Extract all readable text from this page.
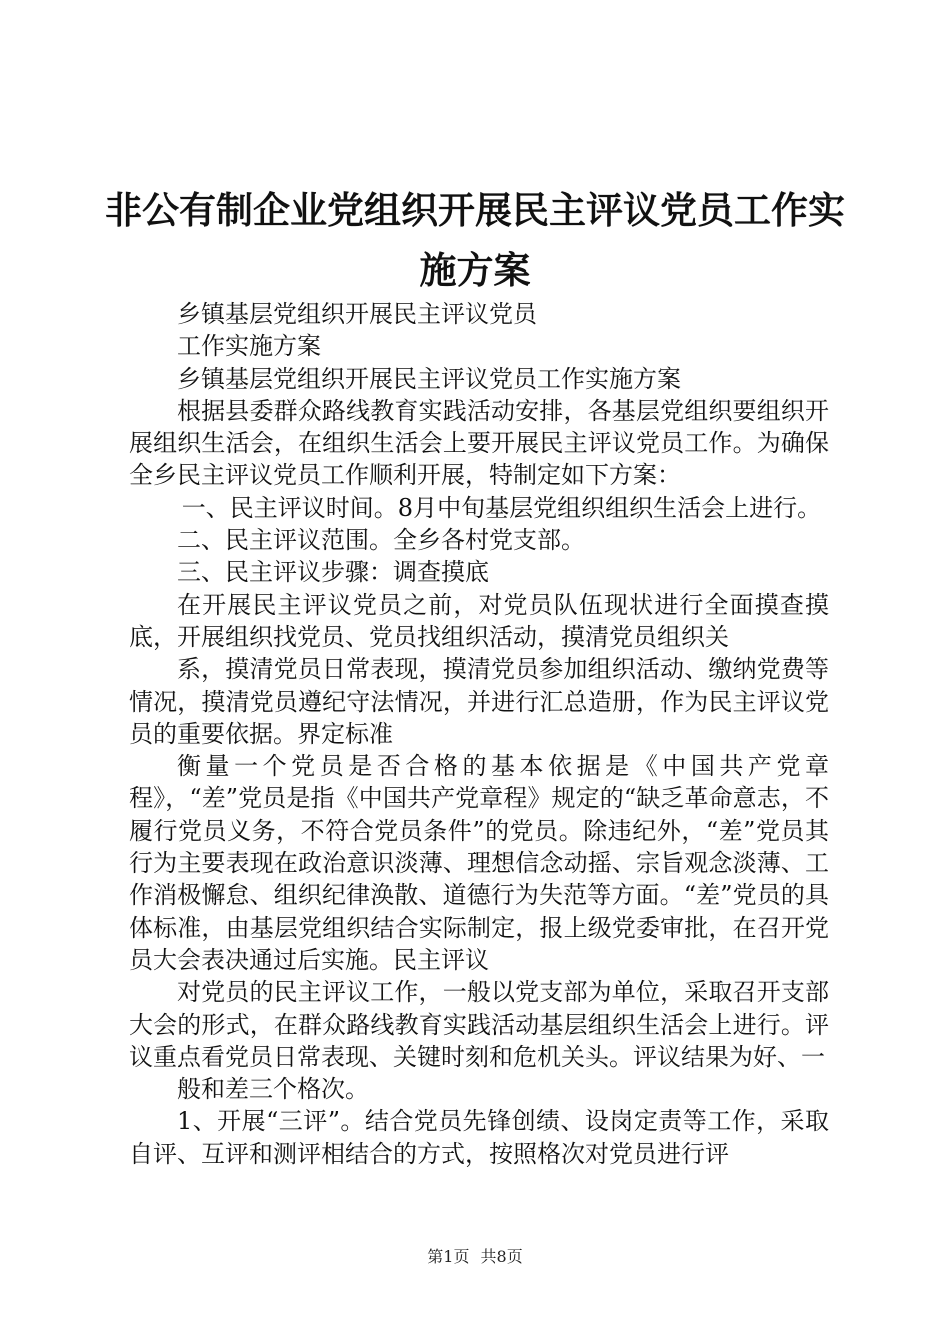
非公有制企业党组织开展民主评议党员工作实施方案

乡镇基层党组织开展民主评议党员

工作实施方案

乡镇基层党组织开展民主评议党员工作实施方案

根据县委群众路线教育实践活动安排，各基层党组织要组织开展组织生活会，在组织生活会上要开展民主评议党员工作。为确保全乡民主评议党员工作顺利开展，特制定如下方案：

一、民主评议时间。8月中旬基层党组织组织生活会上进行。

二、民主评议范围。全乡各村党支部。

三、民主评议步骤：调查摸底

在开展民主评议党员之前，对党员队伍现状进行全面摸查摸底，开展组织找党员、党员找组织活动，摸清党员组织关

系，摸清党员日常表现，摸清党员参加组织活动、缴纳党费等情况，摸清党员遵纪守法情况，并进行汇总造册，作为民主评议党员的重要依据。界定标准

衡量一个党员是否合格的基本依据是《中国共产党章程》，“差”党员是指《中国共产党章程》规定的“缺乏革命意志，不履行党员义务，不符合党员条件”的党员。除违纪外，“差”党员其行为主要表现在政治意识淡薄、理想信念动摇、宗旨观念淡薄、工作消极懈怠、组织纪律涣散、道德行为失范等方面。“差”党员的具体标准，由基层党组织结合实际制定，报上级党委审批，在召开党员大会表决通过后实施。民主评议

对党员的民主评议工作，一般以党支部为单位，采取召开支部大会的形式，在群众路线教育实践活动基层组织生活会上进行。评议重点看党员日常表现、关键时刻和危机关头。评议结果为好、一

般和差三个格次。

1、开展“三评”。结合党员先锋创绩、设岗定责等工作，采取自评、互评和测评相结合的方式，按照格次对党员进行评

第1页 共8页
